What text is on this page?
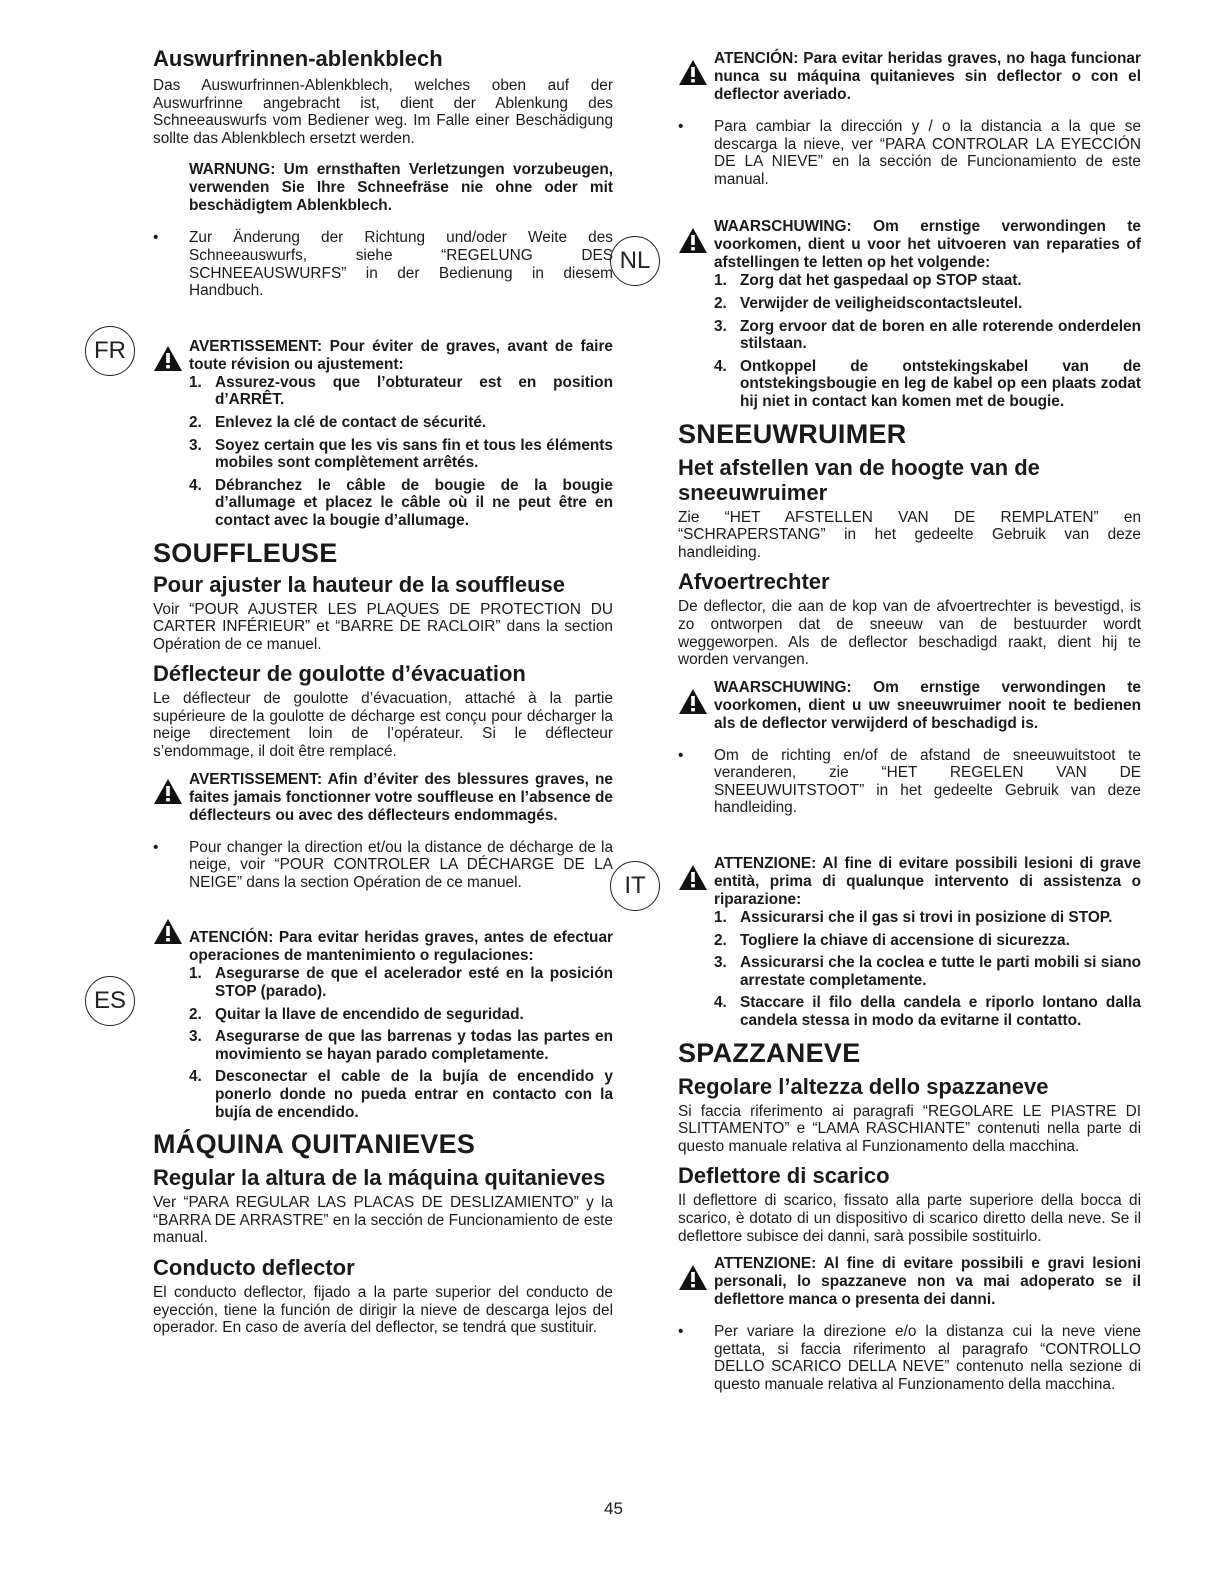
FR
ES
NL
IT
Auswurfrinnen-ablenkblech

Das Auswurfrinnen-Ablenkblech, welches oben auf der Auswurfrinne angebracht ist, dient der Ablenkung des Schneeauswurfs vom Bediener weg. Im Falle einer Beschädigung sollte das Ablenkblech ersetzt werden.

WARNUNG: Um ernsthaften Verletzungen vorzubeugen, verwenden Sie Ihre Schneefräse nie ohne oder mit beschädigtem Ablenkblech.

• Zur Änderung der Richtung und/oder Weite des Schneeauswurfs, siehe “REGELUNG DES SCHNEEAUSWURFS” in der Bedienung in diesem Handbuch.

AVERTISSEMENT: Pour éviter de graves, avant de faire toute révision ou ajustement:
1. Assurez-vous que l’obturateur est en position d’ARRÊT.
2. Enlevez la clé de contact de sécurité.
3. Soyez certain que les vis sans fin et tous les éléments mobiles sont complètement arrêtés.
4. Débranchez le câble de bougie de la bougie d’allumage et placez le câble où il ne peut être en contact avec la bougie d’allumage.
SOUFFLEUSE
Pour ajuster la hauteur de la souffleuse

Voir “POUR AJUSTER LES PLAQUES DE PROTECTION DU CARTER INFÉRIEUR” et “BARRE DE RACLOIR” dans la section Opération de ce manuel.

Déflecteur de goulotte d’évacuation

Le déflecteur de goulotte d’évacuation, attaché à la partie supérieure de la goulotte de décharge est conçu pour décharger la neige directement loin de l’opérateur. Si le déflecteur s’endommage, il doit être remplacé.

AVERTISSEMENT: Afin d’éviter des blessures graves, ne faites jamais fonctionner votre souffleuse en l’absence de déflecteurs ou avec des déflecteurs endommagés.

• Pour changer la direction et/ou la distance de décharge de la neige, voir “POUR CONTROLER LA DÉCHARGE DE LA NEIGE” dans la section Opération de ce manuel.

ATENCIÓN: Para evitar heridas graves, antes de efectuar operaciones de mantenimiento o regulaciones:
1. Asegurarse de que el acelerador esté en la posición STOP (parado).
2. Quitar la llave de encendido de seguridad.
3. Asegurarse de que las barrenas y todas las partes en movimiento se hayan parado completamente.
4. Desconectar el cable de la bujía de encendido y ponerlo donde no pueda entrar en contacto con la bujía de encendido.
MÁQUINA QUITANIEVES
Regular la altura de la máquina quitanieves

Ver “PARA REGULAR LAS PLACAS DE DESLIZAMIENTO” y la “BARRA DE ARRASTRE” en la sección de Funcionamiento de este manual.

Conducto deflector

El conducto deflector, fijado a la parte superior del conducto de eyección, tiene la función de dirigir la nieve de descarga lejos del operador. En caso de avería del deflector, se tendrá que sustituir.

ATENCIÓN: Para evitar heridas graves, no haga funcionar nunca su máquina quitanieves sin deflector o con el deflector averiado.

• Para cambiar la dirección y / o la distancia a la que se descarga la nieve, ver “PARA CONTROLAR LA EYECCIÓN DE LA NIEVE” en la sección de Funcionamiento de este manual.

WAARSCHUWING: Om ernstige verwondingen te voorkomen, dient u voor het uitvoeren van reparaties of afstellingen te letten op het volgende:
1. Zorg dat het gaspedaal op STOP staat.
2. Verwijder de veiligheidscontactsleutel.
3. Zorg ervoor dat de boren en alle roterende onderdelen stilstaan.
4. Ontkoppel de ontstekingskabel van de ontstekingsbougie en leg de kabel op een plaats zodat hij niet in contact kan komen met de bougie.
SNEEUWRUIMER
Het afstellen van de hoogte van de sneeuwruimer

Zie “HET AFSTELLEN VAN DE REMPLATEN” en “SCHRAPERSTANG” in het gedeelte Gebruik van deze handleiding.

Afvoertrechter

De deflector, die aan de kop van de afvoertrechter is bevestigd, is zo ontworpen dat de sneeuw van de bestuurder wordt weggeworpen. Als de deflector beschadigd raakt, dient hij te worden vervangen.

WAARSCHUWING: Om ernstige verwondingen te voorkomen, dient u uw sneeuwruimer nooit te bedienen als de deflector verwijderd of beschadigd is.

• Om de richting en/of de afstand de sneeuwuitstoot te veranderen, zie “HET REGELEN VAN DE SNEEUWUITSTOOT” in het gedeelte Gebruik van deze handleiding.

ATTENZIONE: Al fine di evitare possibili lesioni di grave entità, prima di qualunque intervento di assistenza o riparazione:
1. Assicurarsi che il gas si trovi in posizione di STOP.
2. Togliere la chiave di accensione di sicurezza.
3. Assicurarsi che la coclea e tutte le parti mobili si siano arrestate completamente.
4. Staccare il filo della candela e riporlo lontano dalla candela stessa in modo da evitarne il contatto.
SPAZZANEVE
Regolare l’altezza dello spazzaneve

Si faccia riferimento ai paragrafi “REGOLARE LE PIASTRE DI SLITTAMENTO” e “LAMA RASCHIANTE” contenuti nella parte di questo manuale relativa al Funzionamento della macchina.

Deflettore di scarico

Il deflettore di scarico, fissato alla parte superiore della bocca di scarico, è dotato di un dispositivo di scarico diretto della neve. Se il deflettore subisce dei danni, sarà possibile sostituirlo.

ATTENZIONE: Al fine di evitare possibili e gravi lesioni personali, lo spazzaneve non va mai adoperato se il deflettore manca o presenta dei danni.

• Per variare la direzione e/o la distanza cui la neve viene gettata, si faccia riferimento al paragrafo “CONTROLLO DELLO SCARICO DELLA NEVE” contenuto nella sezione di questo manuale relativa al Funzionamento della macchina.

45
